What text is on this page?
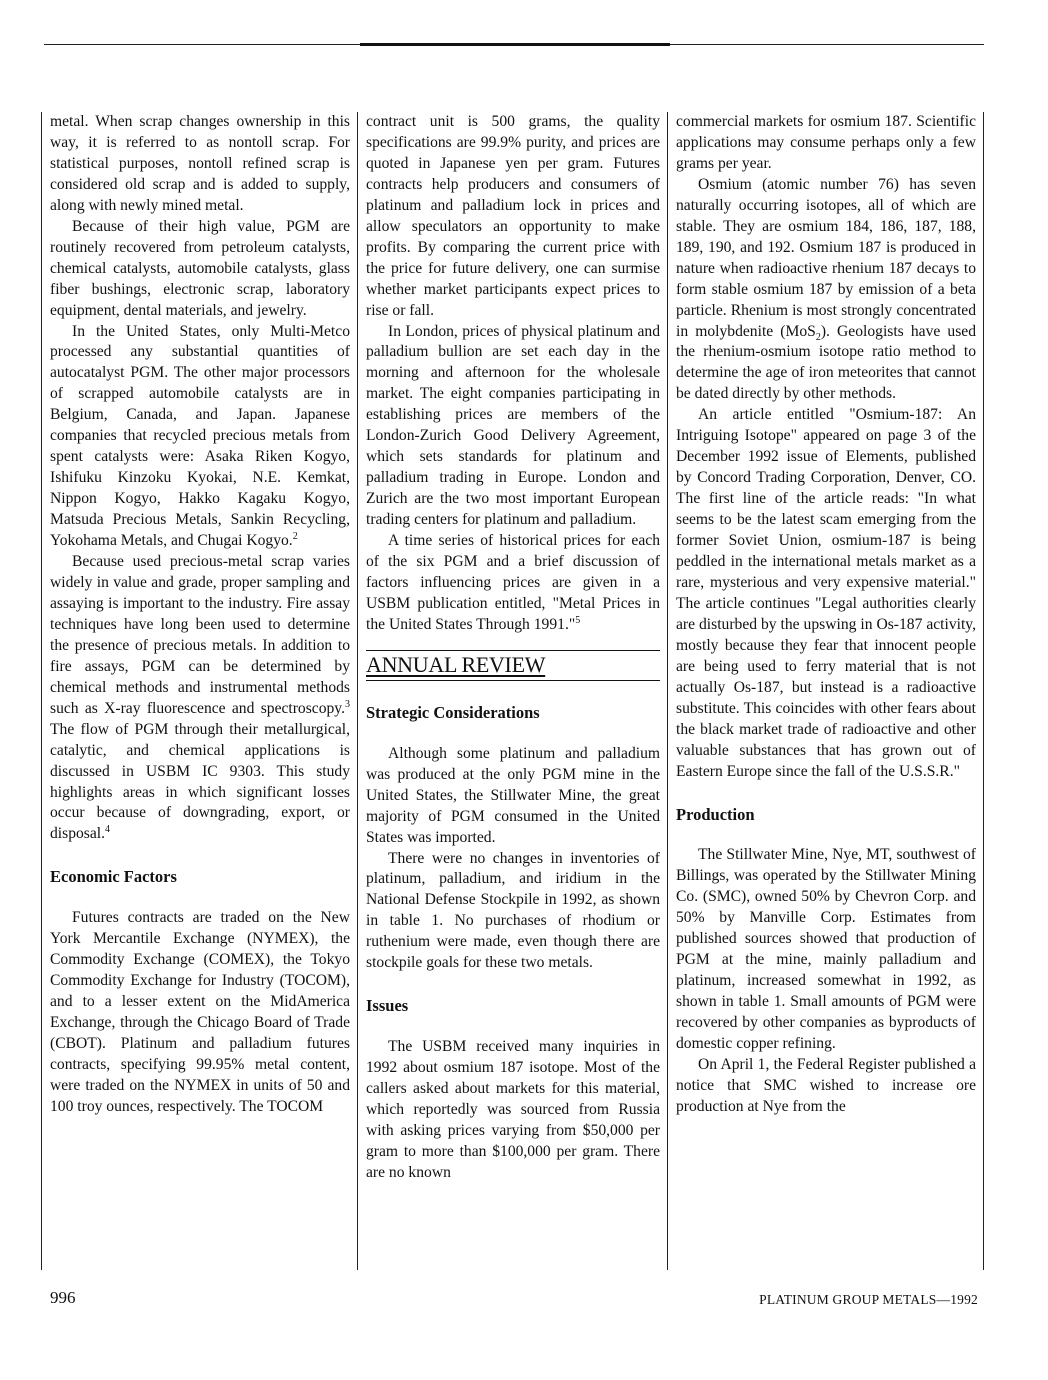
metal. When scrap changes ownership in this way, it is referred to as nontoll scrap. For statistical purposes, nontoll refined scrap is considered old scrap and is added to supply, along with newly mined metal.

Because of their high value, PGM are routinely recovered from petroleum catalysts, chemical catalysts, automobile catalysts, glass fiber bushings, electronic scrap, laboratory equipment, dental materials, and jewelry.

In the United States, only Multi-Metco processed any substantial quantities of autocatalyst PGM. The other major processors of scrapped automobile catalysts are in Belgium, Canada, and Japan. Japanese companies that recycled precious metals from spent catalysts were: Asaka Riken Kogyo, Ishifuku Kinzoku Kyokai, N.E. Kemkat, Nippon Kogyo, Hakko Kagaku Kogyo, Matsuda Precious Metals, Sankin Recycling, Yokohama Metals, and Chugai Kogyo.$^2$

Because used precious-metal scrap varies widely in value and grade, proper sampling and assaying is important to the industry. Fire assay techniques have long been used to determine the presence of precious metals. In addition to fire assays, PGM can be determined by chemical methods and instrumental methods such as X-ray fluorescence and spectroscopy.$^3$ The flow of PGM through their metallurgical, catalytic, and chemical applications is discussed in USBM IC 9303. This study highlights areas in which significant losses occur because of downgrading, export, or disposal.$^4$

Economic Factors

Futures contracts are traded on the New York Mercantile Exchange (NYMEX), the Commodity Exchange (COMEX), the Tokyo Commodity Exchange for Industry (TOCOM), and to a lesser extent on the MidAmerica Exchange, through the Chicago Board of Trade (CBOT). Platinum and palladium futures contracts, specifying 99.95% metal content, were traded on the NYMEX in units of 50 and 100 troy ounces, respectively. The TOCOM

contract unit is 500 grams, the quality specifications are 99.9% purity, and prices are quoted in Japanese yen per gram. Futures contracts help producers and consumers of platinum and palladium lock in prices and allow speculators an opportunity to make profits. By comparing the current price with the price for future delivery, one can surmise whether market participants expect prices to rise or fall.

In London, prices of physical platinum and palladium bullion are set each day in the morning and afternoon for the wholesale market. The eight companies participating in establishing prices are members of the London-Zurich Good Delivery Agreement, which sets standards for platinum and palladium trading in Europe. London and Zurich are the two most important European trading centers for platinum and palladium.

A time series of historical prices for each of the six PGM and a brief discussion of factors influencing prices are given in a USBM publication entitled, "Metal Prices in the United States Through 1991."$^5$

ANNUAL REVIEW
Strategic Considerations

Although some platinum and palladium was produced at the only PGM mine in the United States, the Stillwater Mine, the great majority of PGM consumed in the United States was imported.

There were no changes in inventories of platinum, palladium, and iridium in the National Defense Stockpile in 1992, as shown in table 1. No purchases of rhodium or ruthenium were made, even though there are stockpile goals for these two metals.

Issues

The USBM received many inquiries in 1992 about osmium 187 isotope. Most of the callers asked about markets for this material, which reportedly was sourced from Russia with asking prices varying from $50,000 per gram to more than $100,000 per gram. There are no known

commercial markets for osmium 187. Scientific applications may consume perhaps only a few grams per year.

Osmium (atomic number 76) has seven naturally occurring isotopes, all of which are stable. They are osmium 184, 186, 187, 188, 189, 190, and 192. Osmium 187 is produced in nature when radioactive rhenium 187 decays to form stable osmium 187 by emission of a beta particle. Rhenium is most strongly concentrated in molybdenite (MoS$_2$). Geologists have used the rhenium-osmium isotope ratio method to determine the age of iron meteorites that cannot be dated directly by other methods.

An article entitled "Osmium-187: An Intriguing Isotope" appeared on page 3 of the December 1992 issue of Elements, published by Concord Trading Corporation, Denver, CO. The first line of the article reads: "In what seems to be the latest scam emerging from the former Soviet Union, osmium-187 is being peddled in the international metals market as a rare, mysterious and very expensive material." The article continues "Legal authorities clearly are disturbed by the upswing in Os-187 activity, mostly because they fear that innocent people are being used to ferry material that is not actually Os-187, but instead is a radioactive substitute. This coincides with other fears about the black market trade of radioactive and other valuable substances that has grown out of Eastern Europe since the fall of the U.S.S.R."

Production

The Stillwater Mine, Nye, MT, southwest of Billings, was operated by the Stillwater Mining Co. (SMC), owned 50% by Chevron Corp. and 50% by Manville Corp. Estimates from published sources showed that production of PGM at the mine, mainly palladium and platinum, increased somewhat in 1992, as shown in table 1. Small amounts of PGM were recovered by other companies as byproducts of domestic copper refining.

On April 1, the Federal Register published a notice that SMC wished to increase ore production at Nye from the

996	PLATINUM GROUP METALS—1992
